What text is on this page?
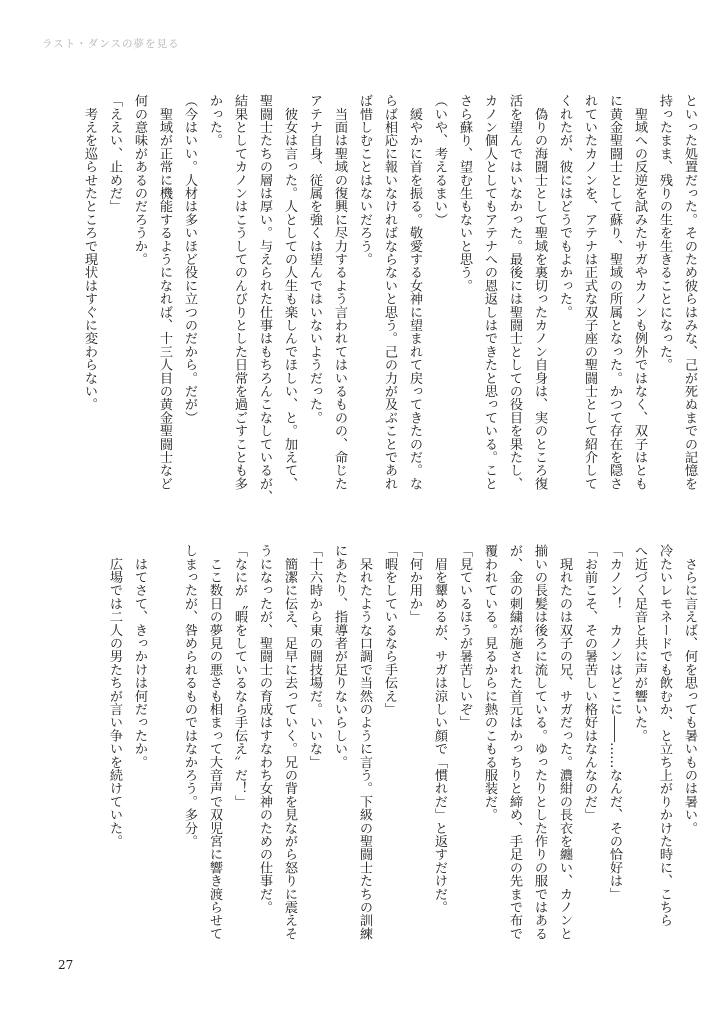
ラスト・ダンスの夢を見る
といった処置だった。そのため彼らはみな、己が死ぬまでの記憶を
持ったまま、残りの生を生きることになった。
　聖域への反逆を試みたサガやカノンも例外ではなく、双子はとも
に黄金聖闘士として蘇り、聖域の所属となった。かつて存在を隠さ
れていたカノンを、アテナは正式な双子座の聖闘士として紹介して
くれたが、彼にはどうでもよかった。
　偽りの海闘士として聖域を裏切ったカノン自身は、実のところ復
活を望んではいなかった。最後には聖闘士としての役目を果たし、
カノン個人としてもアテナへの恩返しはできたと思っている。こと
さら蘇り、望む生もないと思う。
（いや、考えるまい）
　緩やかに首を振る。敬愛する女神に望まれて戻ってきたのだ。な
らば相応に報いなければならないと思う。己の力が及ぶことであれ
ば惜しむことはないだろう。
　当面は聖域の復興に尽力するよう言われてはいるものの、命じた
アテナ自身、従属を強くは望んではいないようだった。
　彼女は言った。人としての人生も楽しんでほしい、と。加えて、
聖闘士たちの層は厚い。与えられた仕事はもちろんこなしているが、
結果としてカノンはこうしてのんびりとした日常を過ごすことも多
かった。
（今はいい。人材は多いほど役に立つのだから。だが）
　聖域が正常に機能するようになれば、十三人目の黄金聖闘士など
何の意味があるのだろうか。
「ええい、止めだ」
　考えを巡らせたところで現状はすぐに変わらない。
　さらに言えば、何を思っても暑いものは暑い。
冷たいレモネードでも飲むか、と立ち上がりかけた時に、こちら
へ近づく足音と共に声が響いた。
「カノン！　カノンはどこに――……なんだ、その恰好は」
「お前こそ、その暑苦しい格好はなんなのだ」
　現れたのは双子の兄、サガだった。濃紺の長衣を纏い、カノンと
揃いの長髪は後ろに流している。ゆったりとした作りの服ではある
が、金の刺繍が施された首元はかっちりと締め、手足の先まで布で
覆われている。見るからに熱のこもる服装だ。
「見ているほうが暑苦しいぞ」
　眉を顰めるが、サガは涼しい顔で「慣れだ」と返すだけだ。
「何か用か」
「暇をしているなら手伝え」
　呆れたような口調で当然のように言う。下級の聖闘士たちの訓練
にあたり、指導者が足りないらしい。
「十六時から東の闘技場だ。いいな」
　簡潔に伝え、足早に去っていく。兄の背を見ながら怒りに震えそ
うになったが、聖闘士の育成はすなわち女神のための仕事だ。
「なにが〝暇をしているなら手伝え〟だ！」
　ここ数日の夢見の悪さも相まって大音声で双児宮に響き渡らせて
しまったが、咎められるものではなかろう。多分。
　はてさて、きっかけは何だったか。
　広場では二人の男たちが言い争いを続けていた。
27
